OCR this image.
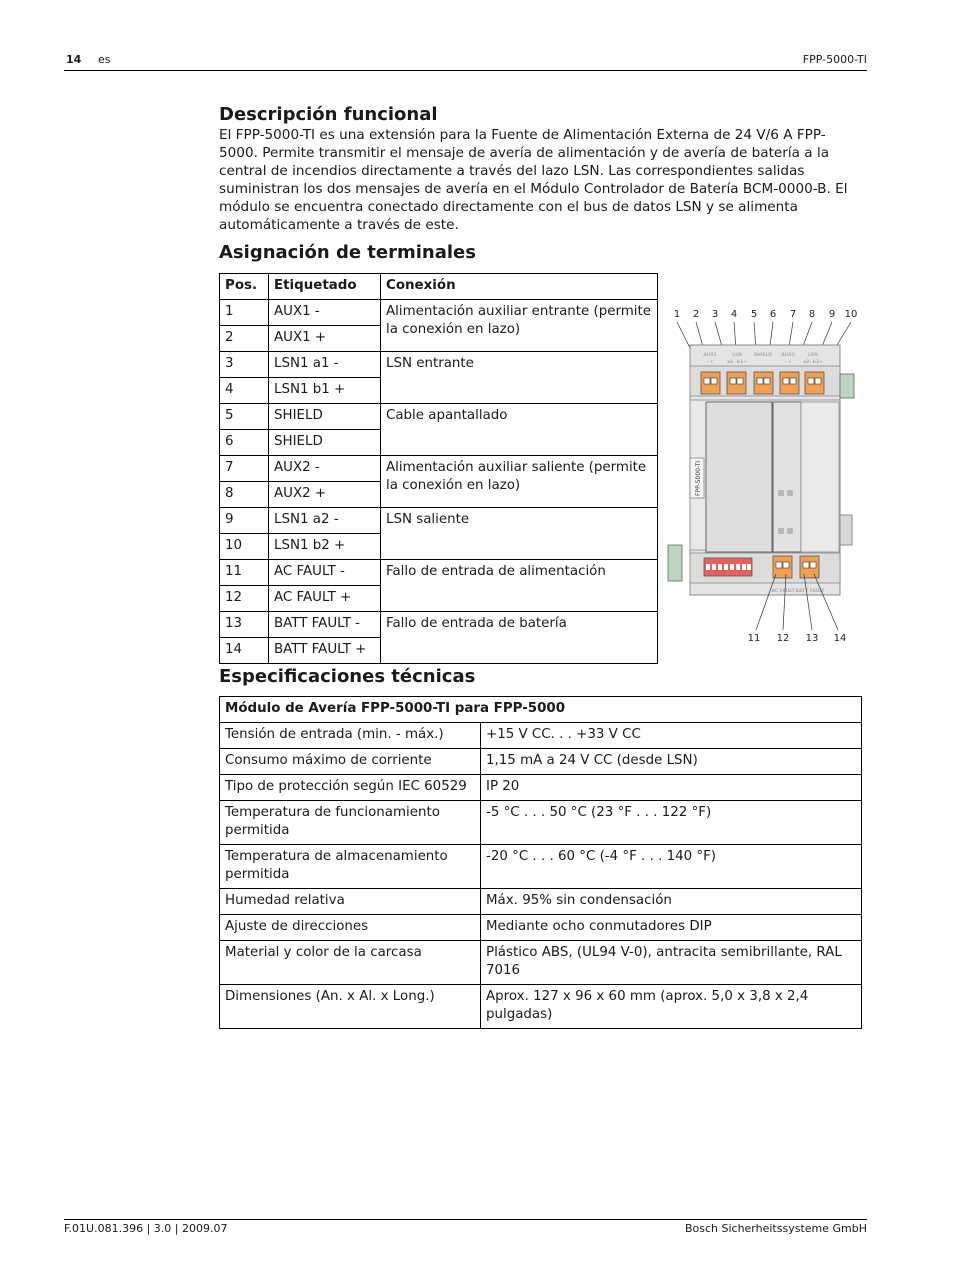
14 es	FPP-5000-TI
Descripción funcional

El FPP-5000-TI es una extensión para la Fuente de Alimentación Externa de 24 V/6 A FPP-5000. Permite transmitir el mensaje de avería de alimentación y de avería de batería a la central de incendios directamente a través del lazo LSN. Las correspondientes salidas suministran los dos mensajes de avería en el Módulo Controlador de Batería BCM-0000-B. El módulo se encuentra conectado directamente con el bus de datos LSN y se alimenta automáticamente a través de este.

Asignación de terminales
Pos.	Etiquetado	Conexión
1	AUX1 -	Alimentación auxiliar entrante (permite la conexión en lazo)
2	AUX1 +	
3	LSN1 a1 -	LSN entrante
4	LSN1 b1 +	
5	SHIELD	Cable apantallado
6	SHIELD	
7	AUX2 -	Alimentación auxiliar saliente (permite la conexión en lazo)
8	AUX2 +	
9	LSN1 a2 -	LSN saliente
10	LSN1 b2 +	
11	AC FAULT -	Fallo de entrada de alimentación
12	AC FAULT +	
13	BATT FAULT -	Fallo de entrada de batería
14	BATT FAULT +	
1 2 3 4 5 6 7 8 9 10
AUX1	LSN	SHIELD AUX2	LSN
- +	a1- b1+	- +	a2- b2+
FPP-5000-TI
AC FAULT BATT FAULT
11 12 13 14
Especificaciones técnicas
Módulo de Avería FPP-5000-TI para FPP-5000	
Tensión de entrada (min. - máx.)	+15 V CC. . . +33 V CC
Consumo máximo de corriente	1,15 mA a 24 V CC (desde LSN)
Tipo de protección según IEC 60529	IP 20
Temperatura de funcionamiento permitida	-5 °C . . . 50 °C (23 °F . . . 122 °F)
Temperatura de almacenamiento permitida	-20 °C . . . 60 °C (-4 °F . . . 140 °F)
Humedad relativa	Máx. 95% sin condensación
Ajuste de direcciones	Mediante ocho conmutadores DIP
Material y color de la carcasa	Plástico ABS, (UL94 V-0), antracita semibrillante, RAL 7016
Dimensiones (An. x Al. x Long.)	Aprox. 127 x 96 x 60 mm (aprox. 5,0 x 3,8 x 2,4 pulgadas)
F.01U.081.396 | 3.0 | 2009.07	Bosch Sicherheitssysteme GmbH
